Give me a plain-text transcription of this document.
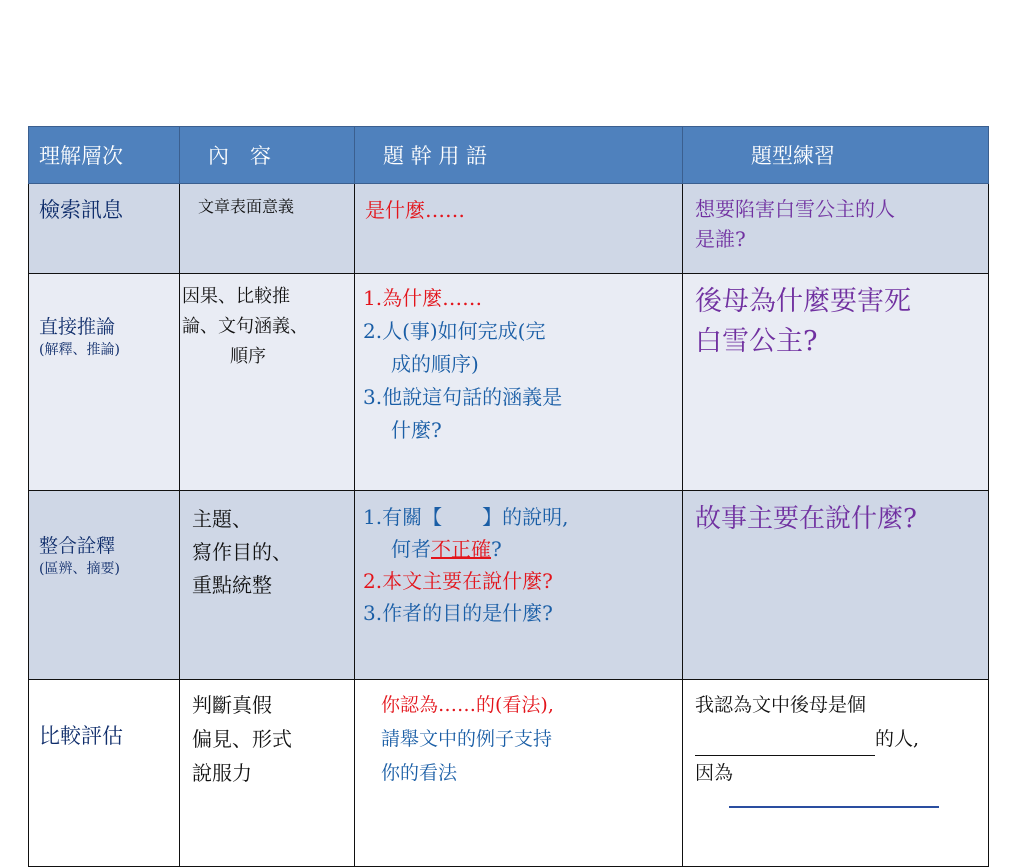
理解層次	內　容	題 幹 用 語	題型練習
檢索訊息	文章表面意義	是什麼……	想要陷害白雪公主的人
是誰?

直接推論
(解釋、推論)	因果、比較推
論、文句涵義、
順序	1.為什麼……
2.人(事)如何完成(完
成的順序)
3.他說這句話的涵義是
什麼?	後母為什麼要害死
白雪公主?

整合詮釋
(區辨、摘要)	主題、
寫作目的、
重點統整	1.有關【　　】的說明,
何者不正確?
2.本文主要在說什麼?
3.作者的目的是什麼?	故事主要在說什麼?

比較評估	判斷真假
偏見、形式
說服力	你認為……的(看法),
請舉文中的例子支持
你的看法	我認為文中後母是個
的人,
因為
